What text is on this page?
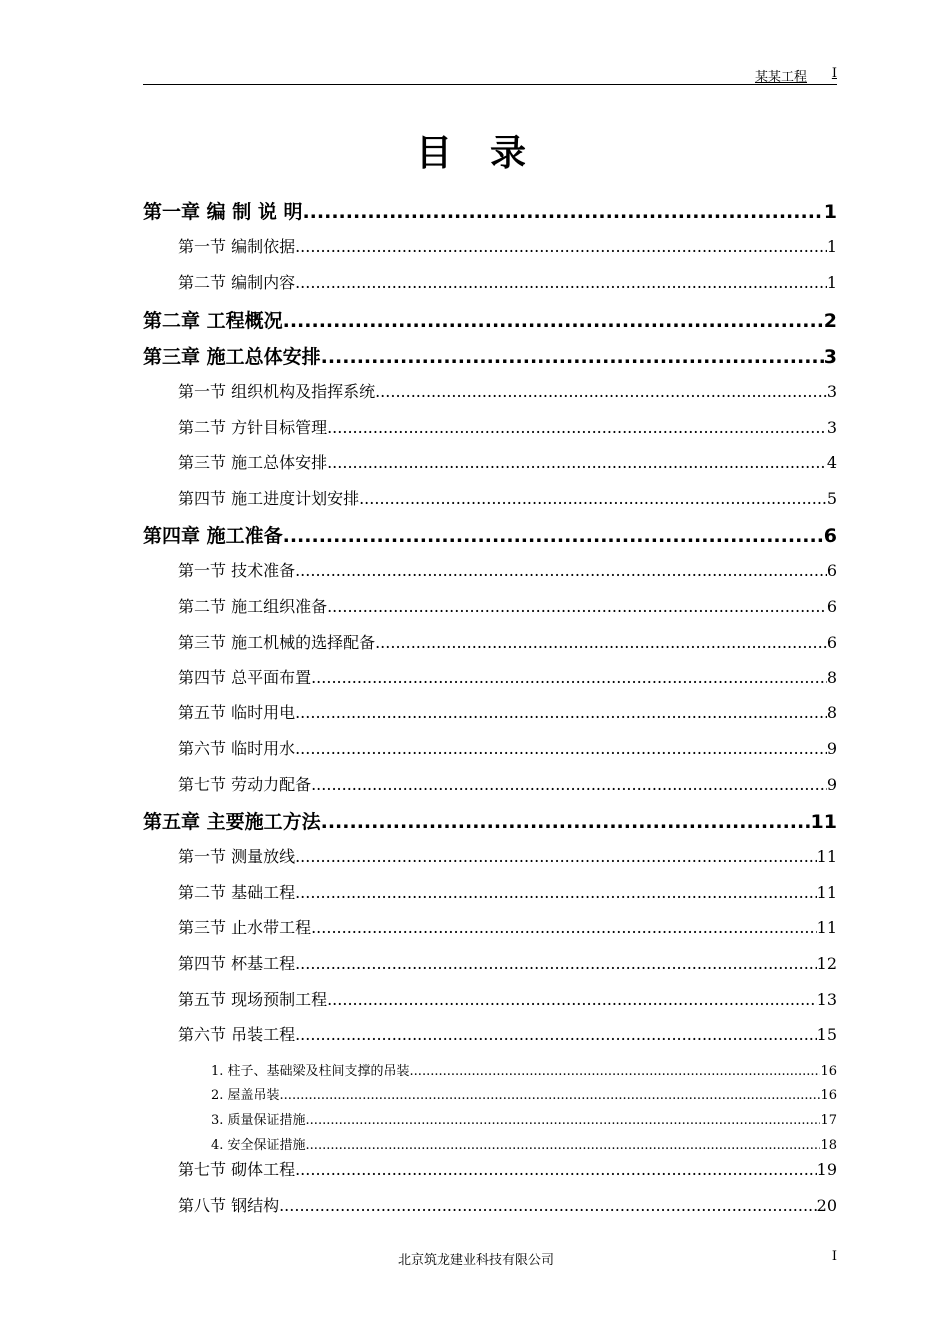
某某工程 I
目录
第一章 编 制 说 明 .....	1
第一节 编制依据 .....	1
第二节 编制内容 .....	1
第二章 工程概况 .....	2
第三章 施工总体安排 .....	3
第一节 组织机构及指挥系统 .....	3
第二节 方针目标管理 .....	3
第三节 施工总体安排 .....	4
第四节 施工进度计划安排 .....	5
第四章 施工准备 .....	6
第一节 技术准备 .....	6
第二节 施工组织准备 .....	6
第三节 施工机械的选择配备 .....	6
第四节 总平面布置 .....	8
第五节 临时用电 .....	8
第六节 临时用水 .....	9
第七节 劳动力配备 .....	9
第五章 主要施工方法 .....	11
第一节 测量放线 .....	11
第二节 基础工程 .....	11
第三节 止水带工程 .....	11
第四节 杯基工程 .....	12
第五节 现场预制工程 .....	13
第六节 吊装工程 .....	15
1. 柱子、基础梁及柱间支撑的吊装 .....	16
2. 屋盖吊装 .....	16
3. 质量保证措施 .....	17
4. 安全保证措施 .....	18
第七节 砌体工程 .....	19
第八节 钢结构 .....	20
北京筑龙建业科技有限公司	I
